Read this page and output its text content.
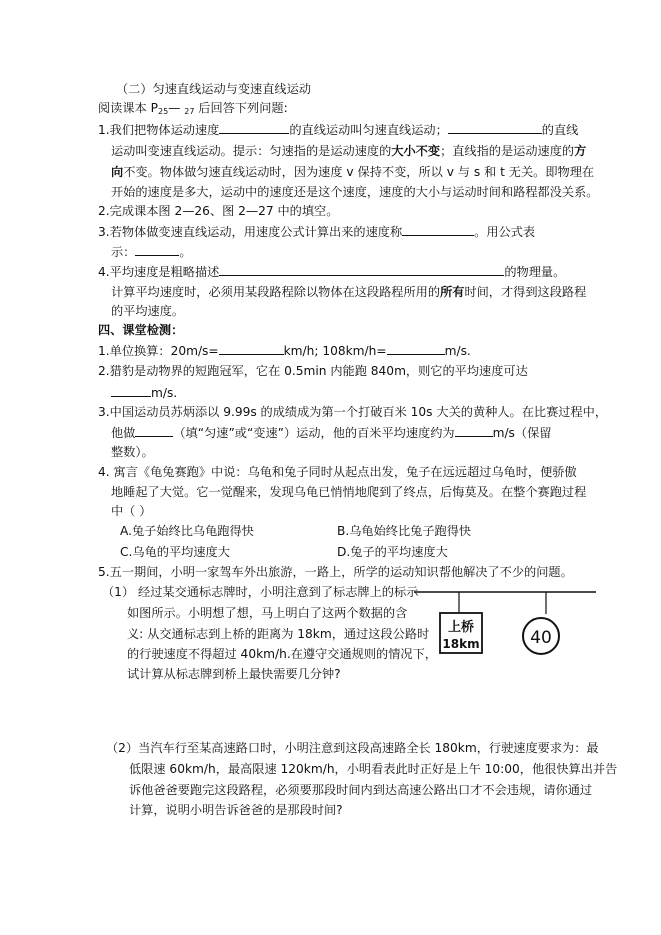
（二）匀速直线运动与变速直线运动
阅读课本 $P_{25}—$ $_{27}$ 后回答下列问题:
1.我们把物体运动速度	的直线运动叫匀速直线运动；	的直线
运动叫变速直线运动。提示：匀速指的是运动速度的大小不变；直线指的是运动速度的方
向不变。物体做匀速直线运动时，因为速度 v 保持不变，所以 v 与 s 和 t 无关。即物理在
开始的速度是多大，运动中的速度还是这个速度，速度的大小与运动时间和路程都没关系。
2.完成课本图 2—26、图 2—27 中的填空。
3.若物体做变速直线运动，用速度公式计算出来的速度称	。用公式表
示：	。
4.平均速度是粗略描述	的物理量。
计算平均速度时，必须用某段路程除以物体在这段路程所用的所有时间，才得到这段路程
的平均速度。
四、课堂检测：
1.单位换算：20m/s=	km/h; 108km/h=	m/s.
2.猎豹是动物界的短跑冠军，它在 0.5min 内能跑 840m，则它的平均速度可达
m/s.
3.中国运动员苏炳添以 9.99s 的成绩成为第一个打破百米 10s 大关的黄种人。在比赛过程中，
他做	（填“匀速”或“变速”）运动，他的百米平均速度约为	m/s（保留
整数）。
4. 寓言《龟兔赛跑》中说：乌龟和兔子同时从起点出发，兔子在远远超过乌龟时，便骄傲
地睡起了大觉。它一觉醒来，发现乌龟已悄悄地爬到了终点，后悔莫及。在整个赛跑过程
中（ ）
A.兔子始终比乌龟跑得快	B.乌龟始终比兔子跑得快
C.乌龟的平均速度大	D.兔子的平均速度大
5.五一期间，小明一家驾车外出旅游，一路上，所学的运动知识帮他解决了不少的问题。
（1） 经过某交通标志牌时，小明注意到了标志牌上的标示
如图所示。小明想了想，马上明白了这两个数据的含
义: 从交通标志到上桥的距离为 18km，通过这段公路时
的行驶速度不得超过 40km/h.在遵守交通规则的情况下，
试计算从标志牌到桥上最快需要几分钟?
上桥
18km	40
（2）当汽车行至某高速路口时，小明注意到这段高速路全长 180km，行驶速度要求为：最
低限速 60km/h，最高限速 120km/h，小明看表此时正好是上午 10:00，他很快算出并告
诉他爸爸要跑完这段路程，必须要那段时间内到达高速公路出口才不会违规，请你通过
计算，说明小明告诉爸爸的是那段时间?
